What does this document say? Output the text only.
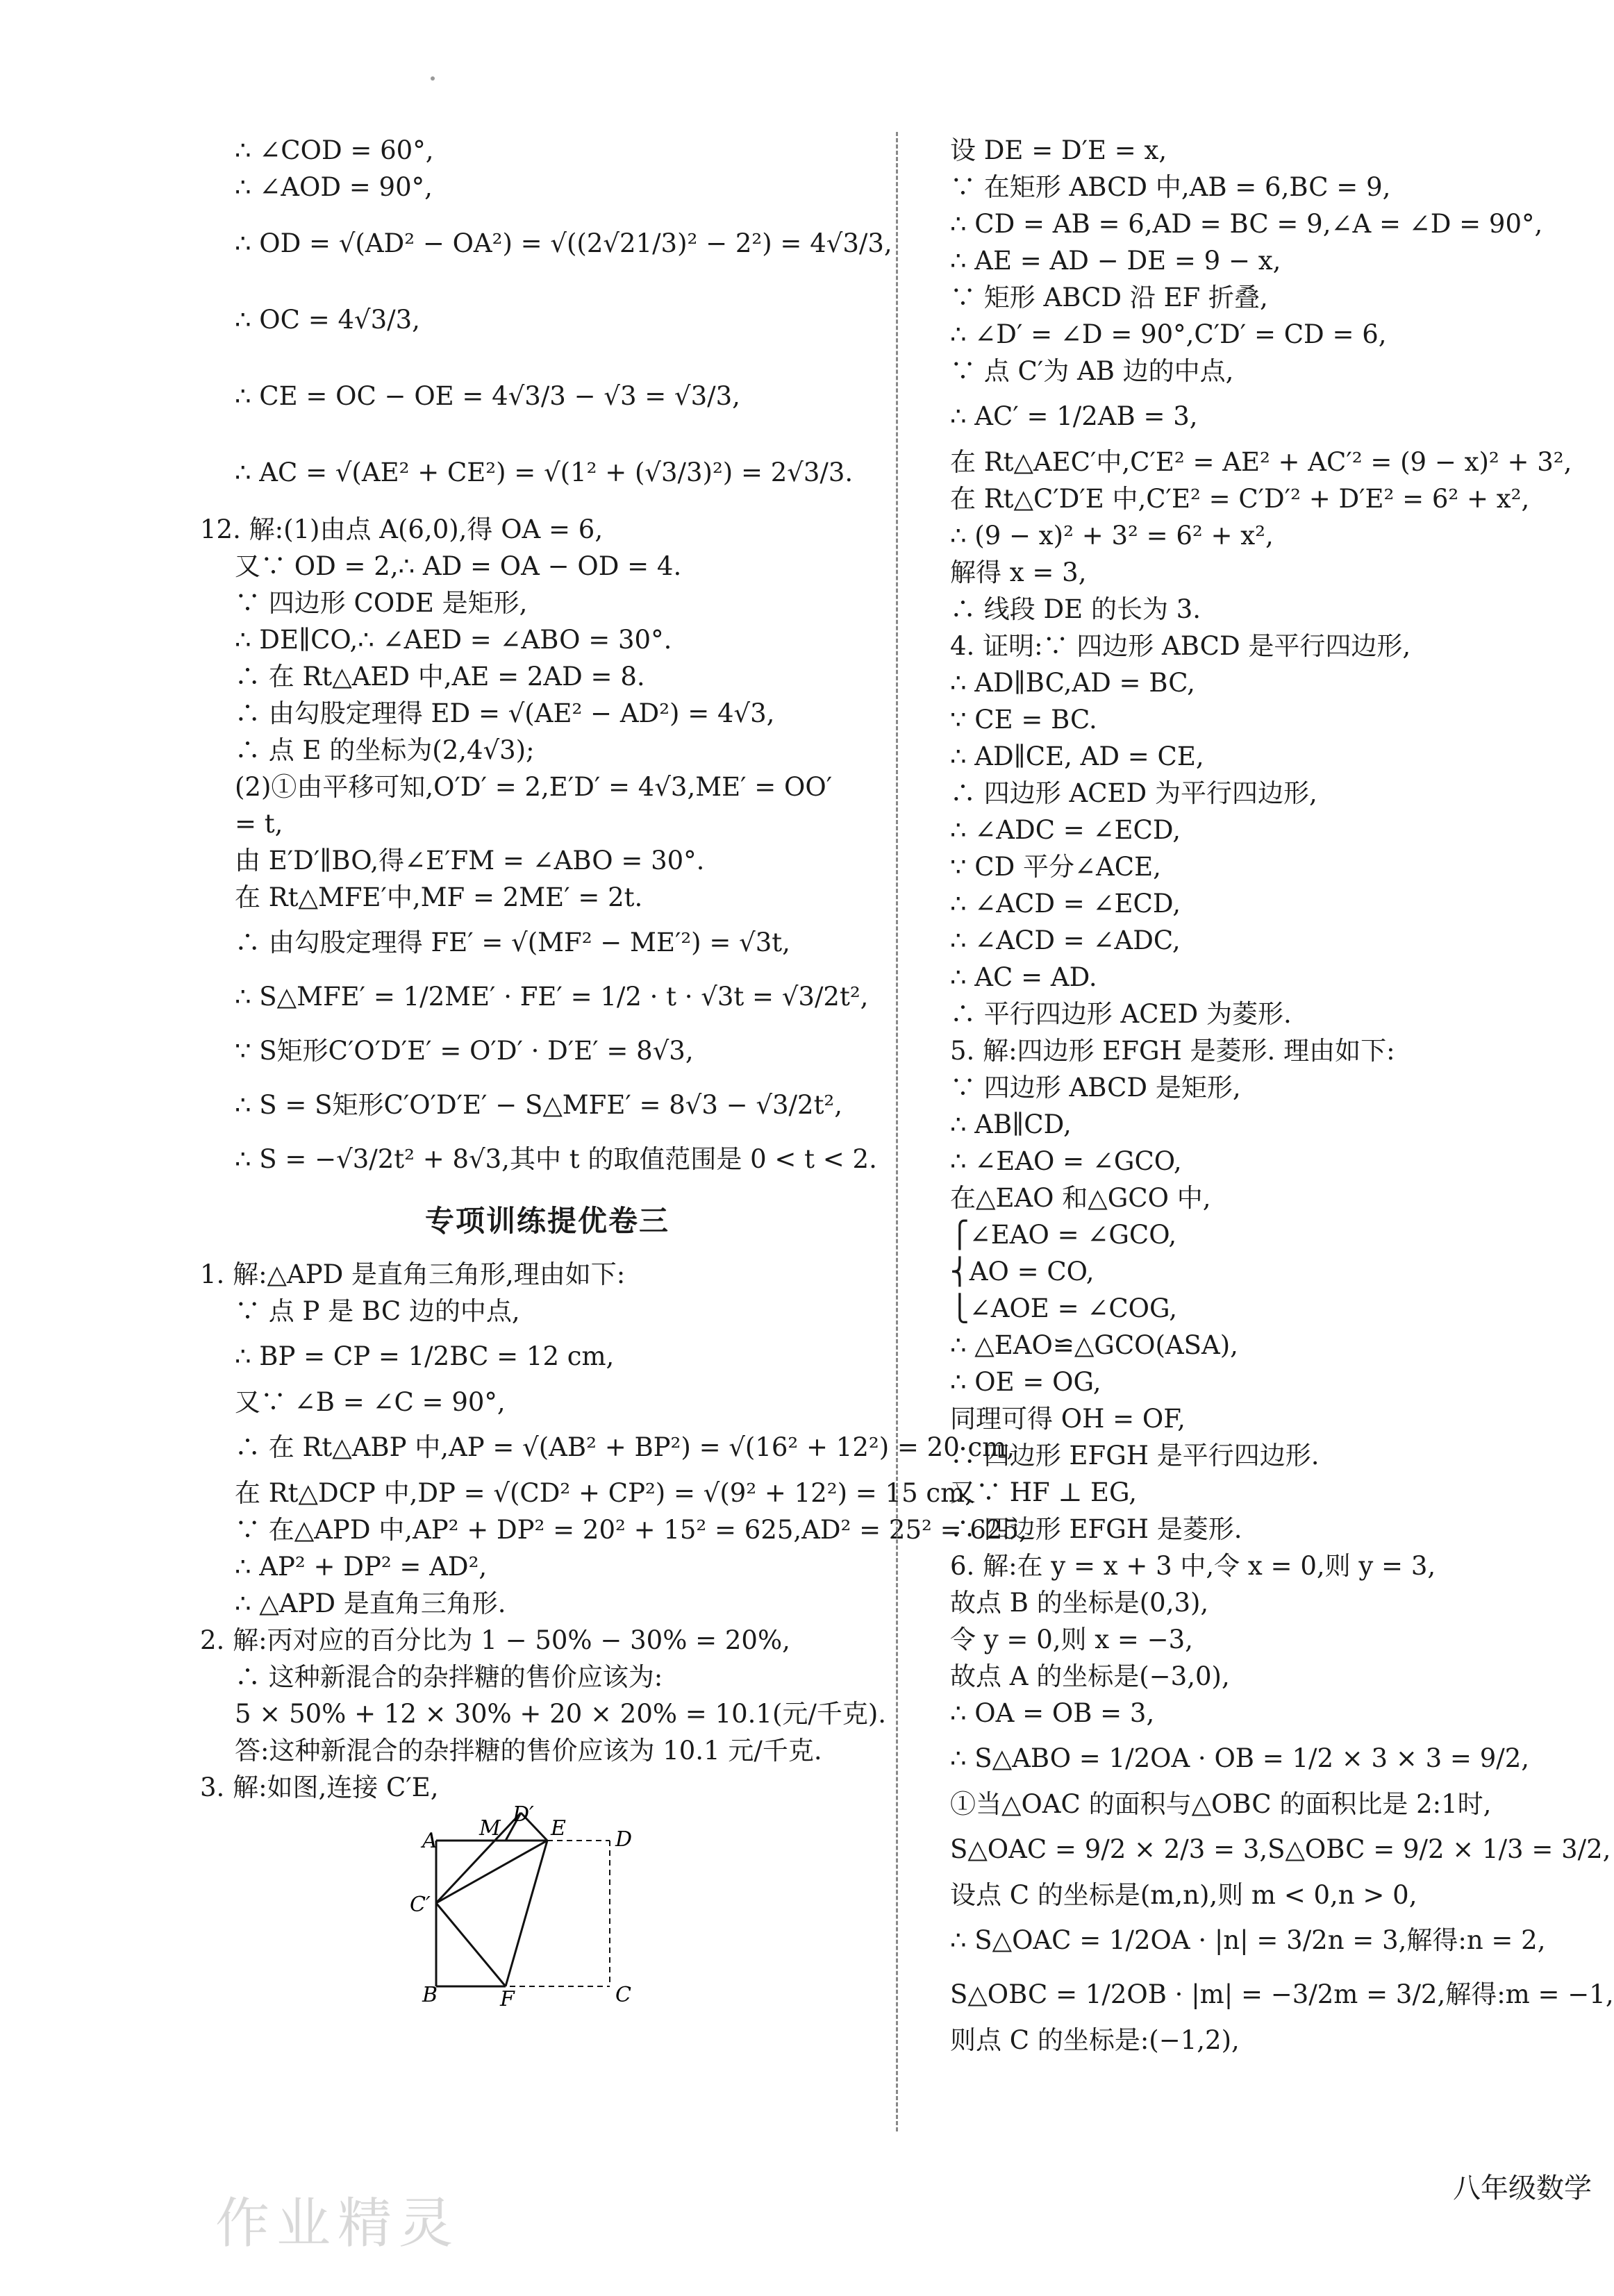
∴ ∠COD = 60°,
∴ ∠AOD = 90°,
∴ OD = √(AD² − OA²) = √((2√21/3)² − 2²) = 4√3/3,
∴ OC = 4√3/3,
∴ CE = OC − OE = 4√3/3 − √3 = √3/3,
∴ AC = √(AE² + CE²) = √(1² + (√3/3)²) = 2√3/3.
12. 解:(1)由点 A(6,0),得 OA = 6,
又∵ OD = 2,∴ AD = OA − OD = 4.
∵ 四边形 CODE 是矩形,
∴ DE∥CO,∴ ∠AED = ∠ABO = 30°.
∴ 在 Rt△AED 中,AE = 2AD = 8.
∴ 由勾股定理得 ED = √(AE² − AD²) = 4√3,
∴ 点 E 的坐标为(2,4√3);
(2)①由平移可知,O′D′ = 2,E′D′ = 4√3,ME′ = OO′
= t,
由 E′D′∥BO,得∠E′FM = ∠ABO = 30°.
在 Rt△MFE′中,MF = 2ME′ = 2t.
∴ 由勾股定理得 FE′ = √(MF² − ME′²) = √3t,
∴ S△MFE′ = 1/2ME′ · FE′ = 1/2 · t · √3t = √3/2t²,
∵ S矩形C′O′D′E′ = O′D′ · D′E′ = 8√3,
∴ S = S矩形C′O′D′E′ − S△MFE′ = 8√3 − √3/2t²,
∴ S = −√3/2t² + 8√3,其中 t 的取值范围是 0 < t < 2.
专项训练提优卷三
1. 解:△APD 是直角三角形,理由如下:
∵ 点 P 是 BC 边的中点,
∴ BP = CP = 1/2BC = 12 cm,
又∵ ∠B = ∠C = 90°,
∴ 在 Rt△ABP 中,AP = √(AB² + BP²) = √(16² + 12²) = 20 cm,
在 Rt△DCP 中,DP = √(CD² + CP²) = √(9² + 12²) = 15 cm,
∵ 在△APD 中,AP² + DP² = 20² + 15² = 625,AD² = 25² = 625,
∴ AP² + DP² = AD²,
∴ △APD 是直角三角形.
2. 解:丙对应的百分比为 1 − 50% − 30% = 20%,
∴ 这种新混合的杂拌糖的售价应该为:
5 × 50% + 12 × 30% + 20 × 20% = 10.1(元/千克).
答:这种新混合的杂拌糖的售价应该为 10.1 元/千克.
3. 解:如图,连接 C′E,
A
M
D′
E D
C′
B	F	C
设 DE = D′E = x,
∵ 在矩形 ABCD 中,AB = 6,BC = 9,
∴ CD = AB = 6,AD = BC = 9,∠A = ∠D = 90°,
∴ AE = AD − DE = 9 − x,
∵ 矩形 ABCD 沿 EF 折叠,
∴ ∠D′ = ∠D = 90°,C′D′ = CD = 6,
∵ 点 C′为 AB 边的中点,
∴ AC′ = 1/2AB = 3,
在 Rt△AEC′中,C′E² = AE² + AC′² = (9 − x)² + 3²,
在 Rt△C′D′E 中,C′E² = C′D′² + D′E² = 6² + x²,
∴ (9 − x)² + 3² = 6² + x²,
解得 x = 3,
∴ 线段 DE 的长为 3.
4. 证明:∵ 四边形 ABCD 是平行四边形,
∴ AD∥BC,AD = BC,
∵ CE = BC.
∴ AD∥CE, AD = CE,
∴ 四边形 ACED 为平行四边形,
∴ ∠ADC = ∠ECD,
∵ CD 平分∠ACE,
∴ ∠ACD = ∠ECD,
∴ ∠ACD = ∠ADC,
∴ AC = AD.
∴ 平行四边形 ACED 为菱形.
5. 解:四边形 EFGH 是菱形. 理由如下:
∵ 四边形 ABCD 是矩形,
∴ AB∥CD,
∴ ∠EAO = ∠GCO,
在△EAO 和△GCO 中,
⎧∠EAO = ∠GCO,
⎨AO = CO,
⎩∠AOE = ∠COG,
∴ △EAO≌△GCO(ASA),
∴ OE = OG,
同理可得 OH = OF,
∴ 四边形 EFGH 是平行四边形.
又∵ HF ⊥ EG,
∴ 四边形 EFGH 是菱形.
6. 解:在 y = x + 3 中,令 x = 0,则 y = 3,
故点 B 的坐标是(0,3),
令 y = 0,则 x = −3,
故点 A 的坐标是(−3,0),
∴ OA = OB = 3,
∴ S△ABO = 1/2OA · OB = 1/2 × 3 × 3 = 9/2,
①当△OAC 的面积与△OBC 的面积比是 2:1时,
S△OAC = 9/2 × 2/3 = 3,S△OBC = 9/2 × 1/3 = 3/2,
设点 C 的坐标是(m,n),则 m < 0,n > 0,
∴ S△OAC = 1/2OA · |n| = 3/2n = 3,解得:n = 2,
S△OBC = 1/2OB · |m| = −3/2m = 3/2,解得:m = −1,
则点 C 的坐标是:(−1,2),
八年级数学
作业精灵
